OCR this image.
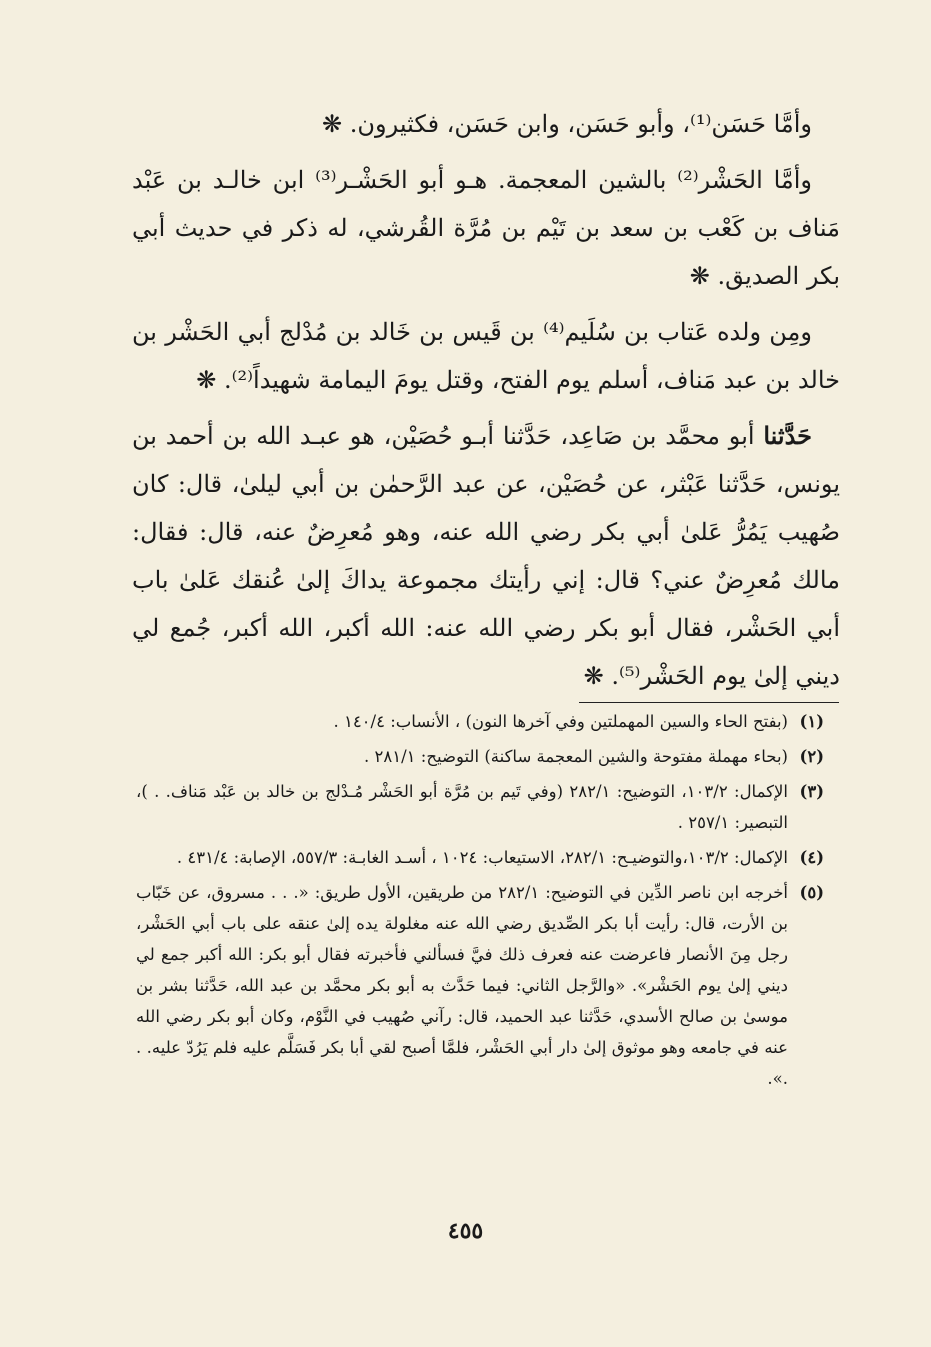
وأمَّا حَسَن⁽¹⁾، وأبو حَسَن، وابن حَسَن، فكثيرون. ❋

وأمَّا الحَشْر⁽²⁾ بالشين المعجمة. هـو أبو الحَشْـر⁽³⁾ ابن خالـد بن عَبْد مَناف بن كَعْب بن سعد بن تَيْم بن مُرَّة القُرشي، له ذكر في حديث أبي بكر الصديق. ❋

ومِن ولده عَتاب بن سُلَيم⁽⁴⁾ بن قَيس بن خَالد بن مُدْلج أبي الحَشْر بن خالد بن عبد مَناف، أسلم يوم الفتح، وقتل يومَ اليمامة شهيداً⁽²⁾. ❋

حَدَّثنا أبو محمَّد بن صَاعِد، حَدَّثنا أبـو حُصَيْن، هو عبـد الله بن أحمد بن يونس، حَدَّثنا عَبْثر، عن حُصَيْن، عن عبد الرَّحمٰن بن أبي ليلىٰ، قال: كان صُهيب يَمُرُّ عَلىٰ أبي بكر رضي الله عنه، وهو مُعرِضٌ عنه، قال: فقال: مالك مُعرِضٌ عني؟ قال: إني رأيتك مجموعة يداكَ إلىٰ عُنقك عَلىٰ باب أبي الحَشْر، فقال أبو بكر رضي الله عنه: الله أكبر، الله أكبر، جُمع لي ديني إلىٰ يوم الحَشْر⁽⁵⁾. ❋

(١)
(بفتح الحاء والسين المهملتين وفي آخرها النون) ، الأنساب: ١٤٠/٤ .

(٢)
(بحاء مهملة مفتوحة والشين المعجمة ساكنة) التوضيح: ٢٨١/١ .

(٣)
الإكمال: ١٠٣/٢، التوضيح: ٢٨٢/١ (وفي تَيم بن مُرَّة أبو الحَشْر مُـدْلج بن خالد بن عَبْد مَناف. . )، التبصير: ٢٥٧/١ .

(٤)
الإكمال: ١٠٣/٢،والتوضيـح: ٢٨٢/١، الاستيعاب: ١٠٢٤ ، أسـد الغابـة: ٥٥٧/٣، الإصابة: ٤٣١/٤ .

(٥)
أخرجه ابن ناصر الدِّين في التوضيح: ٢٨٢/١ من طريقين، الأول طريق: «. . . مسروق، عن خَبّاب بن الأرت، قال: رأيت أبا بكر الصِّديق رضي الله عنه مغلولة يده إلىٰ عنقه على باب أبي الحَشْر، رجل مِنَ الأنصار فاعرضت عنه فعرف ذلك فيَّ فسألني فأخبرته فقال أبو بكر: الله أكبر جمع لي ديني إلىٰ يوم الحَشْر». «والرَّجل الثاني: فيما حَدَّث به أبو بكر محمَّد بن عبد الله، حَدَّثنا بشر بن موسىٰ بن صالح الأسدي، حَدَّثنا عبد الحميد، قال: رآني صُهيب في النَّوْم، وكان أبو بكر رضي الله عنه في جامعه وهو موثوق إلىٰ دار أبي الحَشْر، فلمَّا أصبح لقي أبا بكر فَسَلَّم عليه فلم يَرُدّ عليه. . .».

٤٥٥
